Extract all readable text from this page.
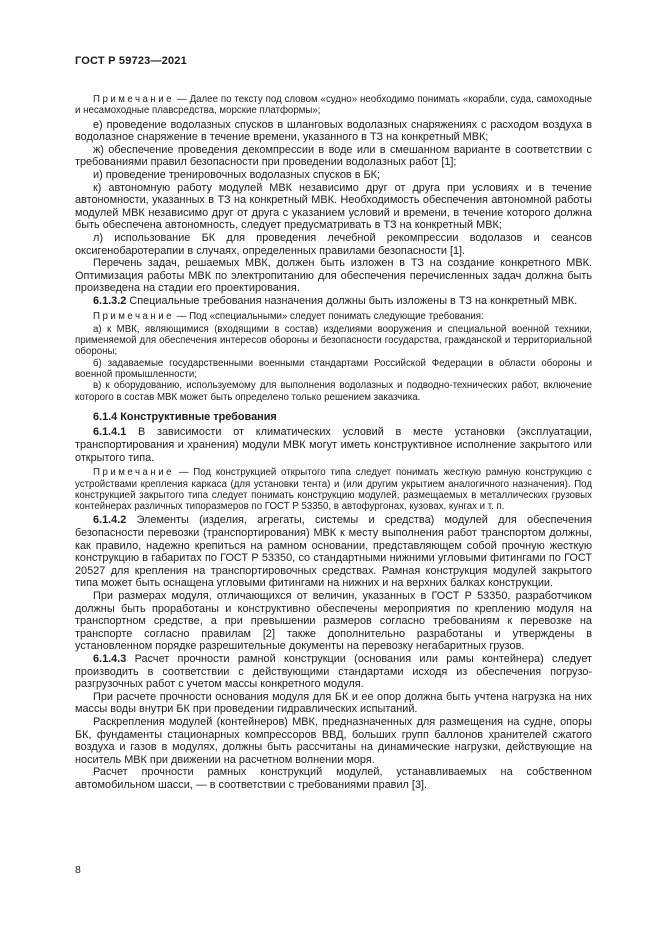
ГОСТ Р 59723—2021

Примечание — Далее по тексту под словом «судно» необходимо понимать «корабли, суда, самоходные и несамоходные плавсредства, морские платформы»;

е) проведение водолазных спусков в шланговых водолазных снаряжениях с расходом воздуха в водолазное снаряжение в течение времени, указанного в ТЗ на конкретный МВК;

ж) обеспечение проведения декомпрессии в воде или в смешанном варианте в соответствии с требованиями правил безопасности при проведении водолазных работ [1];

и) проведение тренировочных водолазных спусков в БК;

к) автономную работу модулей МВК независимо друг от друга при условиях и в течение автономности, указанных в ТЗ на конкретный МВК. Необходимость обеспечения автономной работы модулей МВК независимо друг от друга с указанием условий и времени, в течение которого должна быть обеспечена автономность, следует предусматривать в ТЗ на конкретный МВК;

л) использование БК для проведения лечебной рекомпрессии водолазов и сеансов оксигенобаротерапии в случаях, определенных правилами безопасности [1].

Перечень задач, решаемых МВК, должен быть изложен в ТЗ на создание конкретного МВК. Оптимизация работы МВК по электропитанию для обеспечения перечисленных задач должна быть произведена на стадии его проектирования.

6.1.3.2 Специальные требования назначения должны быть изложены в ТЗ на конкретный МВК.

Примечание — Под «специальными» следует понимать следующие требования:

а) к МВК, являющимися (входящими в состав) изделиями вооружения и специальной военной техники, применяемой для обеспечения интересов обороны и безопасности государства, гражданской и территориальной обороны;

б) задаваемые государственными военными стандартами Российской Федерации в области обороны и военной промышленности;

в) к оборудованию, используемому для выполнения водолазных и подводно-технических работ, включение которого в состав МВК может быть определено только решением заказчика.

6.1.4 Конструктивные требования

6.1.4.1 В зависимости от климатических условий в месте установки (эксплуатации, транспортирования и хранения) модули МВК могут иметь конструктивное исполнение закрытого или открытого типа.

Примечание — Под конструкцией открытого типа следует понимать жесткую рамную конструкцию с устройствами крепления каркаса (для установки тента) и (или другим укрытием аналогичного назначения). Под конструкцией закрытого типа следует понимать конструкцию модулей, размещаемых в металлических грузовых контейнерах различных типоразмеров по ГОСТ Р 53350, в автофургонах, кузовах, кунгах и т. п.

6.1.4.2 Элементы (изделия, агрегаты, системы и средства) модулей для обеспечения безопасности перевозки (транспортирования) МВК к месту выполнения работ транспортом должны, как правило, надежно крепиться на рамном основании, представляющем собой прочную жесткую конструкцию в габаритах по ГОСТ Р 53350, со стандартными нижними угловыми фитингами по ГОСТ 20527 для крепления на транспортировочных средствах. Рамная конструкция модулей закрытого типа может быть оснащена угловыми фитингами на нижних и на верхних балках конструкции.

При размерах модуля, отличающихся от величин, указанных в ГОСТ Р 53350, разработчиком должны быть проработаны и конструктивно обеспечены мероприятия по креплению модуля на транспортном средстве, а при превышении размеров согласно требованиям к перевозке на транспорте согласно правилам [2] также дополнительно разработаны и утверждены в установленном порядке разрешительные документы на перевозку негабаритных грузов.

6.1.4.3 Расчет прочности рамной конструкции (основания или рамы контейнера) следует производить в соответствии с действующими стандартами исходя из обеспечения погрузо-разгрузочных работ с учетом массы конкретного модуля.

При расчете прочности основания модуля для БК и ее опор должна быть учтена нагрузка на них массы воды внутри БК при проведении гидравлических испытаний.

Раскрепления модулей (контейнеров) МВК, предназначенных для размещения на судне, опоры БК, фундаменты стационарных компрессоров ВВД, больших групп баллонов хранителей сжатого воздуха и газов в модулях, должны быть рассчитаны на динамические нагрузки, действующие на носитель МВК при движении на расчетном волнении моря.

Расчет прочности рамных конструкций модулей, устанавливаемых на собственном автомобильном шасси, — в соответствии с требованиями правил [3].

8
